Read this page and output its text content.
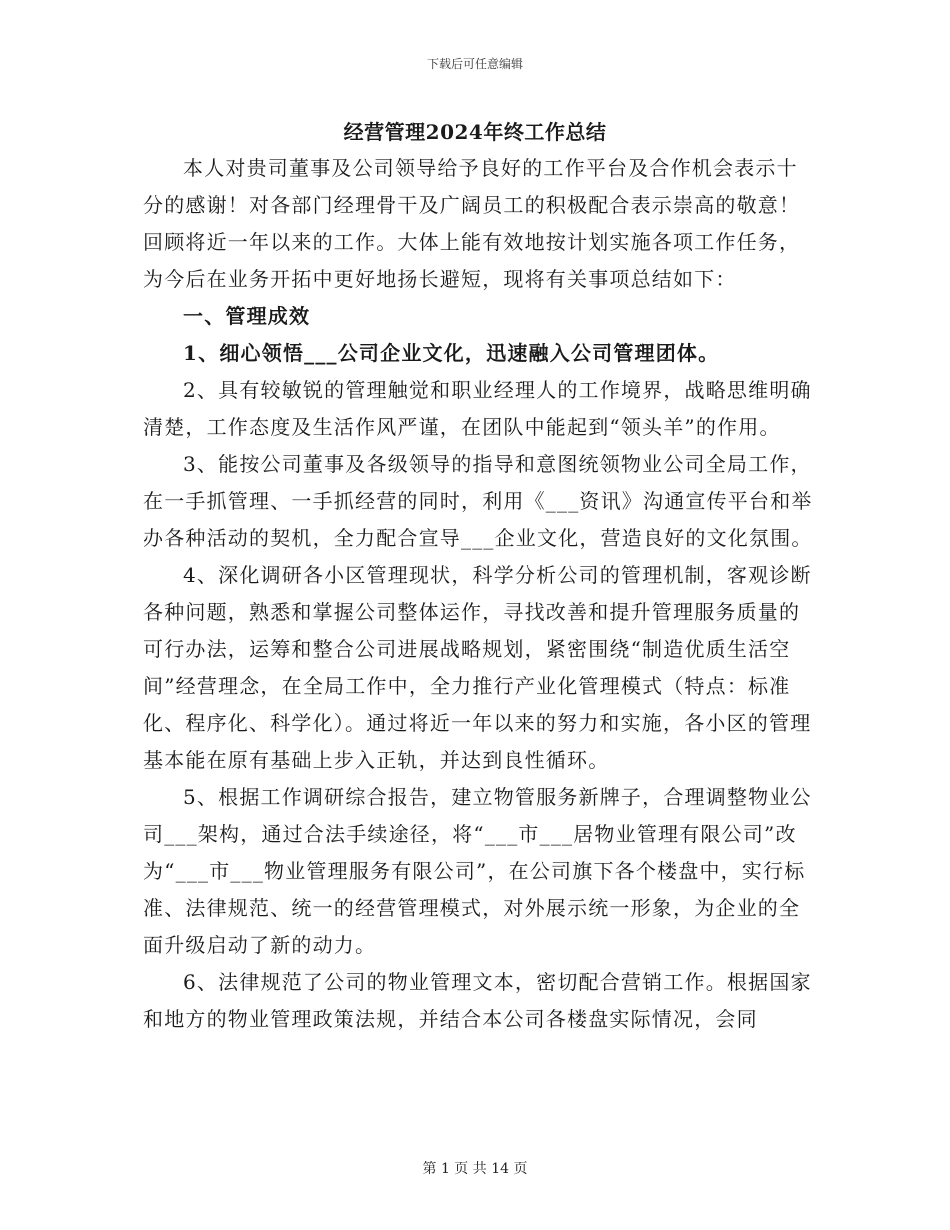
下载后可任意编辑
经营管理2024年终工作总结

本人对贵司董事及公司领导给予良好的工作平台及合作机会表示十分的感谢！对各部门经理骨干及广阔员工的积极配合表示崇高的敬意！回顾将近一年以来的工作。大体上能有效地按计划实施各项工作任务，为今后在业务开拓中更好地扬长避短，现将有关事项总结如下：

一、管理成效

1、细心领悟___公司企业文化，迅速融入公司管理团体。

2、具有较敏锐的管理触觉和职业经理人的工作境界，战略思维明确清楚，工作态度及生活作风严谨，在团队中能起到“领头羊”的作用。

3、能按公司董事及各级领导的指导和意图统领物业公司全局工作，在一手抓管理、一手抓经营的同时，利用《___资讯》沟通宣传平台和举办各种活动的契机，全力配合宣导___企业文化，营造良好的文化氛围。

4、深化调研各小区管理现状，科学分析公司的管理机制，客观诊断各种问题，熟悉和掌握公司整体运作，寻找改善和提升管理服务质量的可行办法，运筹和整合公司进展战略规划，紧密围绕“制造优质生活空间”经营理念，在全局工作中，全力推行产业化管理模式（特点：标准化、程序化、科学化）。通过将近一年以来的努力和实施，各小区的管理基本能在原有基础上步入正轨，并达到良性循环。

5、根据工作调研综合报告，建立物管服务新牌子，合理调整物业公司___架构，通过合法手续途径，将“___市___居物业管理有限公司”改为“___市___物业管理服务有限公司”，在公司旗下各个楼盘中，实行标准、法律规范、统一的经营管理模式，对外展示统一形象，为企业的全面升级启动了新的动力。

6、法律规范了公司的物业管理文本，密切配合营销工作。根据国家和地方的物业管理政策法规，并结合本公司各楼盘实际情况，会同

第 1 页 共 14 页
